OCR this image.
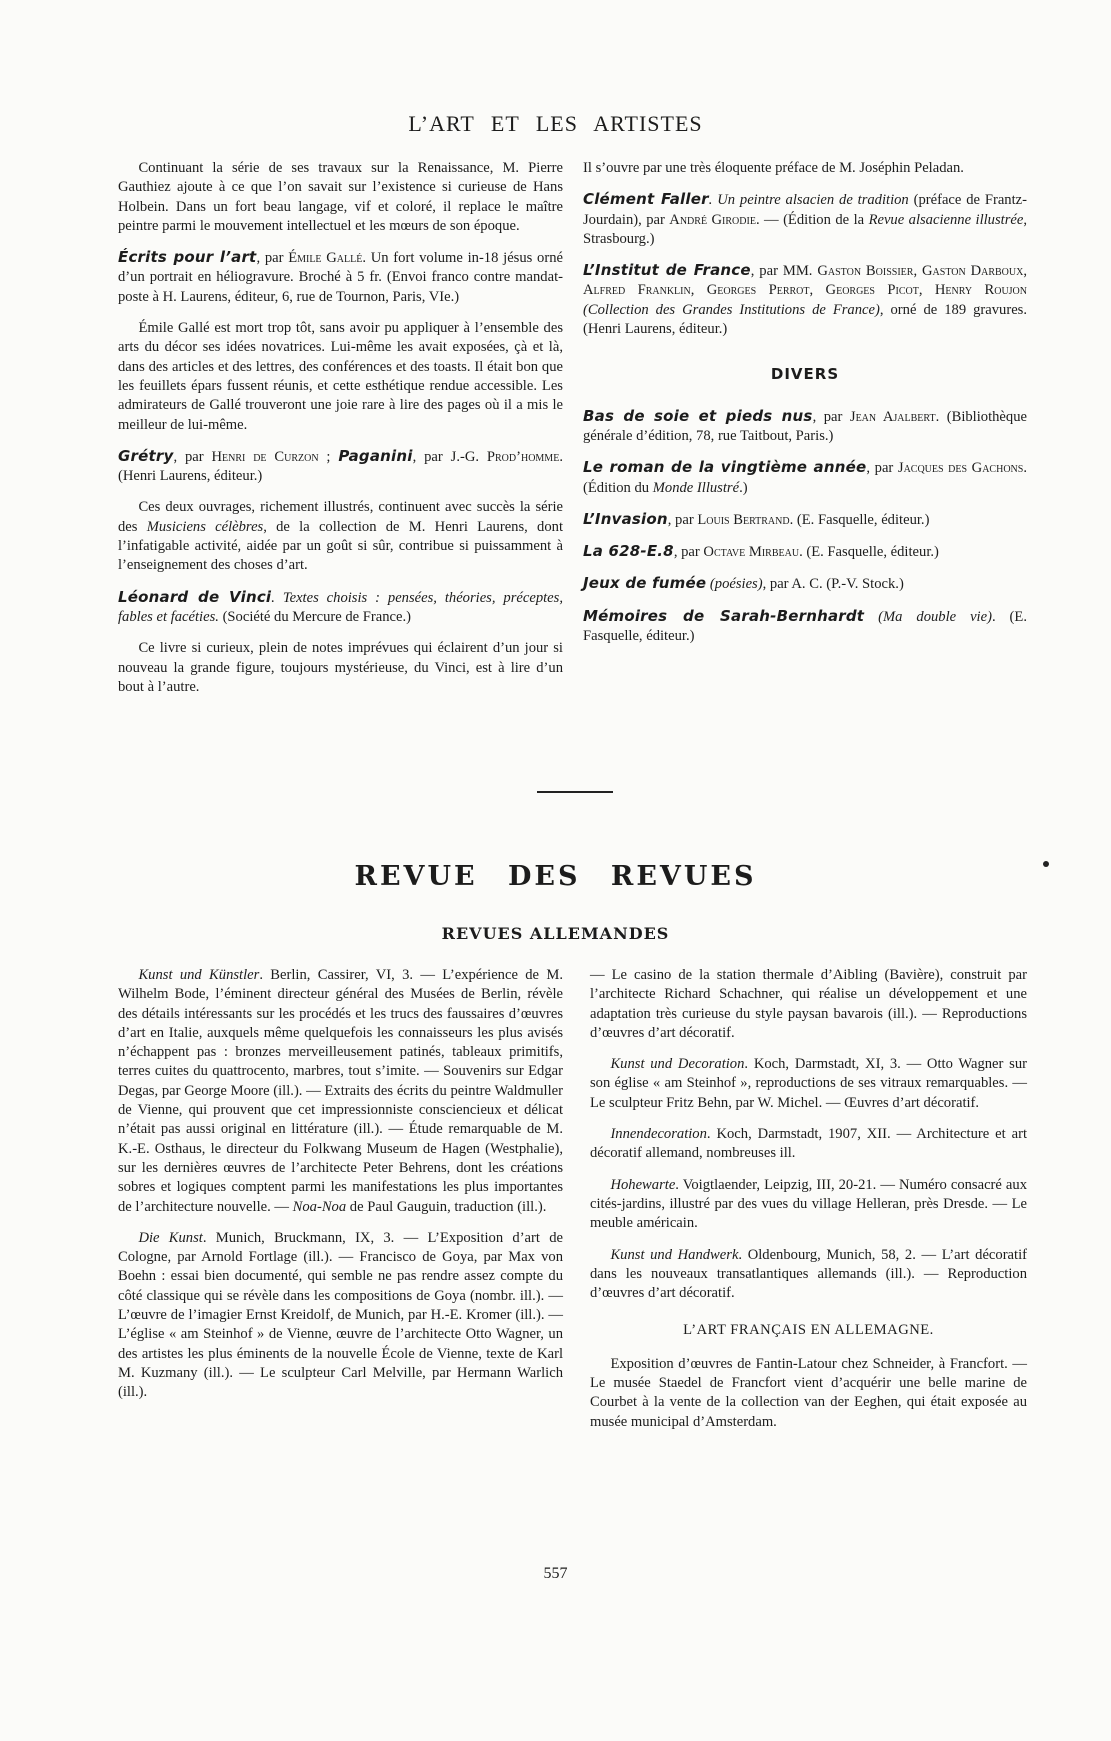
L’ART ET LES ARTISTES

Continuant la série de ses travaux sur la Renaissance, M. Pierre Gauthiez ajoute à ce que l’on savait sur l’existence si curieuse de Hans Holbein. Dans un fort beau langage, vif et coloré, il replace le maître peintre parmi le mouvement intellectuel et les mœurs de son époque.

Écrits pour l’art, par Émile Gallé. Un fort volume in-18 jésus orné d’un portrait en héliogravure. Broché à 5 fr. (Envoi franco contre mandat-poste à H. Laurens, éditeur, 6, rue de Tournon, Paris, VIe.)

Émile Gallé est mort trop tôt, sans avoir pu appliquer à l’ensemble des arts du décor ses idées novatrices. Lui-même les avait exposées, çà et là, dans des articles et des lettres, des conférences et des toasts. Il était bon que les feuillets épars fussent réunis, et cette esthétique rendue accessible. Les admirateurs de Gallé trouveront une joie rare à lire des pages où il a mis le meilleur de lui-même.

Grétry, par Henri de Curzon ; Paganini, par J.-G. Prod’homme. (Henri Laurens, éditeur.)

Ces deux ouvrages, richement illustrés, continuent avec succès la série des Musiciens célèbres, de la collection de M. Henri Laurens, dont l’infatigable activité, aidée par un goût si sûr, contribue si puissamment à l’enseignement des choses d’art.

Léonard de Vinci. Textes choisis : pensées, théories, préceptes, fables et facéties. (Société du Mercure de France.)

Ce livre si curieux, plein de notes imprévues qui éclairent d’un jour si nouveau la grande figure, toujours mystérieuse, du Vinci, est à lire d’un bout à l’autre.

Il s’ouvre par une très éloquente préface de M. Joséphin Peladan.

Clément Faller. Un peintre alsacien de tradition (préface de Frantz-Jourdain), par André Girodie. — (Édition de la Revue alsacienne illustrée, Strasbourg.)

L’Institut de France, par MM. Gaston Boissier, Gaston Darboux, Alfred Franklin, Georges Perrot, Georges Picot, Henry Roujon (Collection des Grandes Institutions de France), orné de 189 gravures. (Henri Laurens, éditeur.)

DIVERS

Bas de soie et pieds nus, par Jean Ajalbert. (Bibliothèque générale d’édition, 78, rue Taitbout, Paris.)

Le roman de la vingtième année, par Jacques des Gachons. (Édition du Monde Illustré.)

L’Invasion, par Louis Bertrand. (E. Fasquelle, éditeur.)

La 628-E.8, par Octave Mirbeau. (E. Fasquelle, éditeur.)

Jeux de fumée (poésies), par A. C. (P.-V. Stock.)

Mémoires de Sarah-Bernhardt (Ma double vie). (E. Fasquelle, éditeur.)

REVUE DES REVUES
REVUES ALLEMANDES

Kunst und Künstler. Berlin, Cassirer, VI, 3. — L’expérience de M. Wilhelm Bode, l’éminent directeur général des Musées de Berlin, révèle des détails intéressants sur les procédés et les trucs des faussaires d’œuvres d’art en Italie, auxquels même quelquefois les connaisseurs les plus avisés n’échappent pas : bronzes merveilleusement patinés, tableaux primitifs, terres cuites du quattrocento, marbres, tout s’imite. — Souvenirs sur Edgar Degas, par George Moore (ill.). — Extraits des écrits du peintre Waldmuller de Vienne, qui prouvent que cet impressionniste consciencieux et délicat n’était pas aussi original en littérature (ill.). — Étude remarquable de M. K.-E. Osthaus, le directeur du Folkwang Museum de Hagen (Westphalie), sur les dernières œuvres de l’architecte Peter Behrens, dont les créations sobres et logiques comptent parmi les manifestations les plus importantes de l’architecture nouvelle. — Noa-Noa de Paul Gauguin, traduction (ill.).

Die Kunst. Munich, Bruckmann, IX, 3. — L’Exposition d’art de Cologne, par Arnold Fortlage (ill.). — Francisco de Goya, par Max von Boehn : essai bien documenté, qui semble ne pas rendre assez compte du côté classique qui se révèle dans les compositions de Goya (nombr. ill.). — L’œuvre de l’imagier Ernst Kreidolf, de Munich, par H.-E. Kromer (ill.). — L’église « am Steinhof » de Vienne, œuvre de l’architecte Otto Wagner, un des artistes les plus éminents de la nouvelle École de Vienne, texte de Karl M. Kuzmany (ill.). — Le sculpteur Carl Melville, par Hermann Warlich (ill.).

— Le casino de la station thermale d’Aibling (Bavière), construit par l’architecte Richard Schachner, qui réalise un développement et une adaptation très curieuse du style paysan bavarois (ill.). — Reproductions d’œuvres d’art décoratif.

Kunst und Decoration. Koch, Darmstadt, XI, 3. — Otto Wagner sur son église « am Steinhof », reproductions de ses vitraux remarquables. — Le sculpteur Fritz Behn, par W. Michel. — Œuvres d’art décoratif.

Innendecoration. Koch, Darmstadt, 1907, XII. — Architecture et art décoratif allemand, nombreuses ill.

Hohewarte. Voigtlaender, Leipzig, III, 20-21. — Numéro consacré aux cités-jardins, illustré par des vues du village Helleran, près Dresde. — Le meuble américain.

Kunst und Handwerk. Oldenbourg, Munich, 58, 2. — L’art décoratif dans les nouveaux transatlantiques allemands (ill.). — Reproduction d’œuvres d’art décoratif.

L’ART FRANÇAIS EN ALLEMAGNE.

Exposition d’œuvres de Fantin-Latour chez Schneider, à Francfort. — Le musée Staedel de Francfort vient d’acquérir une belle marine de Courbet à la vente de la collection van der Eeghen, qui était exposée au musée municipal d’Amsterdam.

557
